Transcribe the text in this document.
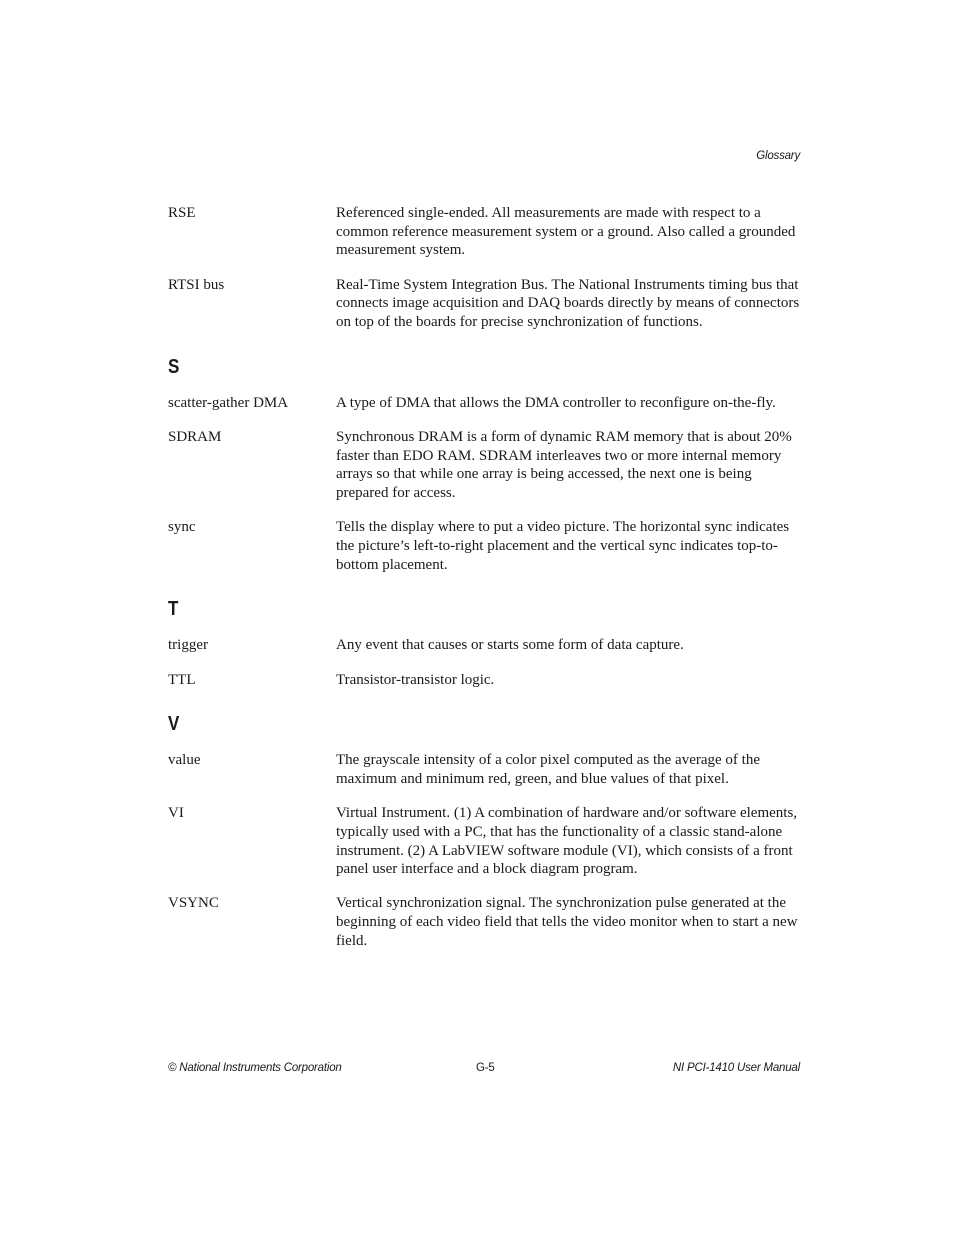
Glossary
RSE	Referenced single-ended. All measurements are made with respect to a common reference measurement system or a ground. Also called a grounded measurement system.
RTSI bus	Real-Time System Integration Bus. The National Instruments timing bus that connects image acquisition and DAQ boards directly by means of connectors on top of the boards for precise synchronization of functions.
S
scatter-gather DMA	A type of DMA that allows the DMA controller to reconfigure on-the-fly.
SDRAM	Synchronous DRAM is a form of dynamic RAM memory that is about 20% faster than EDO RAM. SDRAM interleaves two or more internal memory arrays so that while one array is being accessed, the next one is being prepared for access.
sync	Tells the display where to put a video picture. The horizontal sync indicates the picture’s left-to-right placement and the vertical sync indicates top-to-bottom placement.
T
trigger	Any event that causes or starts some form of data capture.
TTL	Transistor-transistor logic.
V
value	The grayscale intensity of a color pixel computed as the average of the maximum and minimum red, green, and blue values of that pixel.
VI	Virtual Instrument. (1) A combination of hardware and/or software elements, typically used with a PC, that has the functionality of a classic stand-alone instrument. (2) A LabVIEW software module (VI), which consists of a front panel user interface and a block diagram program.
VSYNC	Vertical synchronization signal. The synchronization pulse generated at the beginning of each video field that tells the video monitor when to start a new field.
© National Instruments Corporation	G-5	NI PCI-1410 User Manual
